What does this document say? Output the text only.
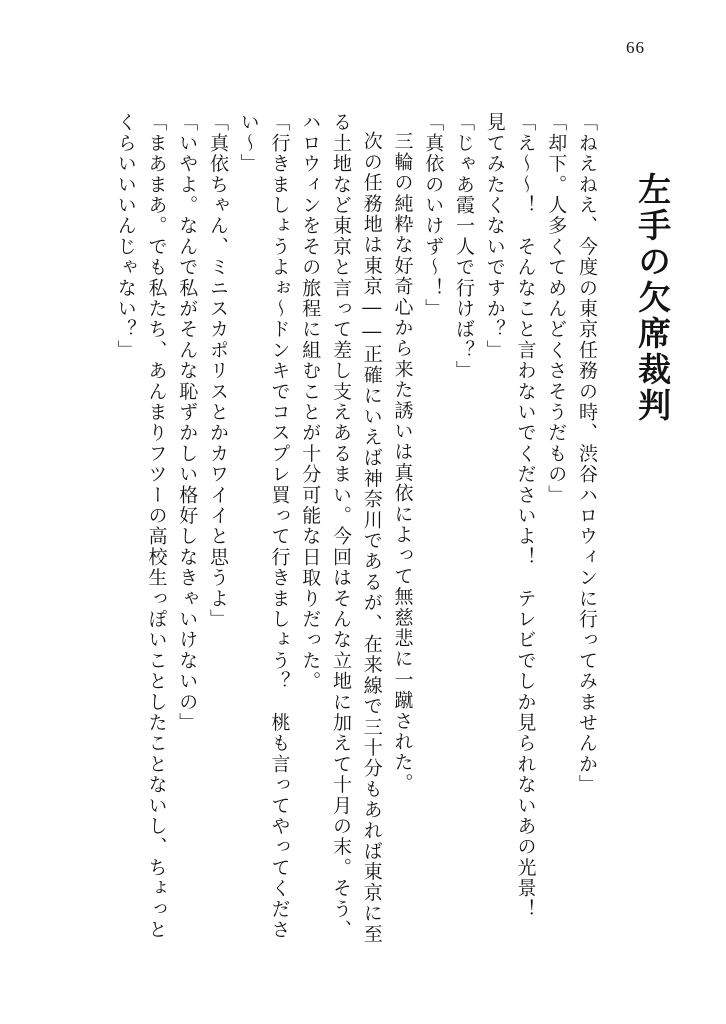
66
左手の欠席裁判

「ねえねえ、今度の東京任務の時、渋谷ハロウィンに行ってみませんか」

「却下。人多くてめんどくさそうだもの」

「え〜〜！　そんなこと言わないでくださいよ！　テレビでしか見られないあの光景！　見てみたくないですか？」

「じゃあ霞一人で行けば？」

「真依のいけず〜！」

三輪の純粋な好奇心から来た誘いは真依によって無慈悲に一蹴された。

次の任務地は東京――正確にいえば神奈川であるが、在来線で三十分もあれば東京に至る土地など東京と言って差し支えあるまい。今回はそんな立地に加えて十月の末。そう、ハロウィンをその旅程に組むことが十分可能な日取りだった。

「行きましょうよぉ〜ドンキでコスプレ買って行きましょう？　桃も言ってやってください〜」

「真依ちゃん、ミニスカポリスとかカワイイと思うよ」

「いやよ。なんで私がそんな恥ずかしい格好しなきゃいけないの」

「まあまあ。でも私たち、あんまりフツーの高校生っぽいことしたことないし、ちょっとくらいいいんじゃない？」
